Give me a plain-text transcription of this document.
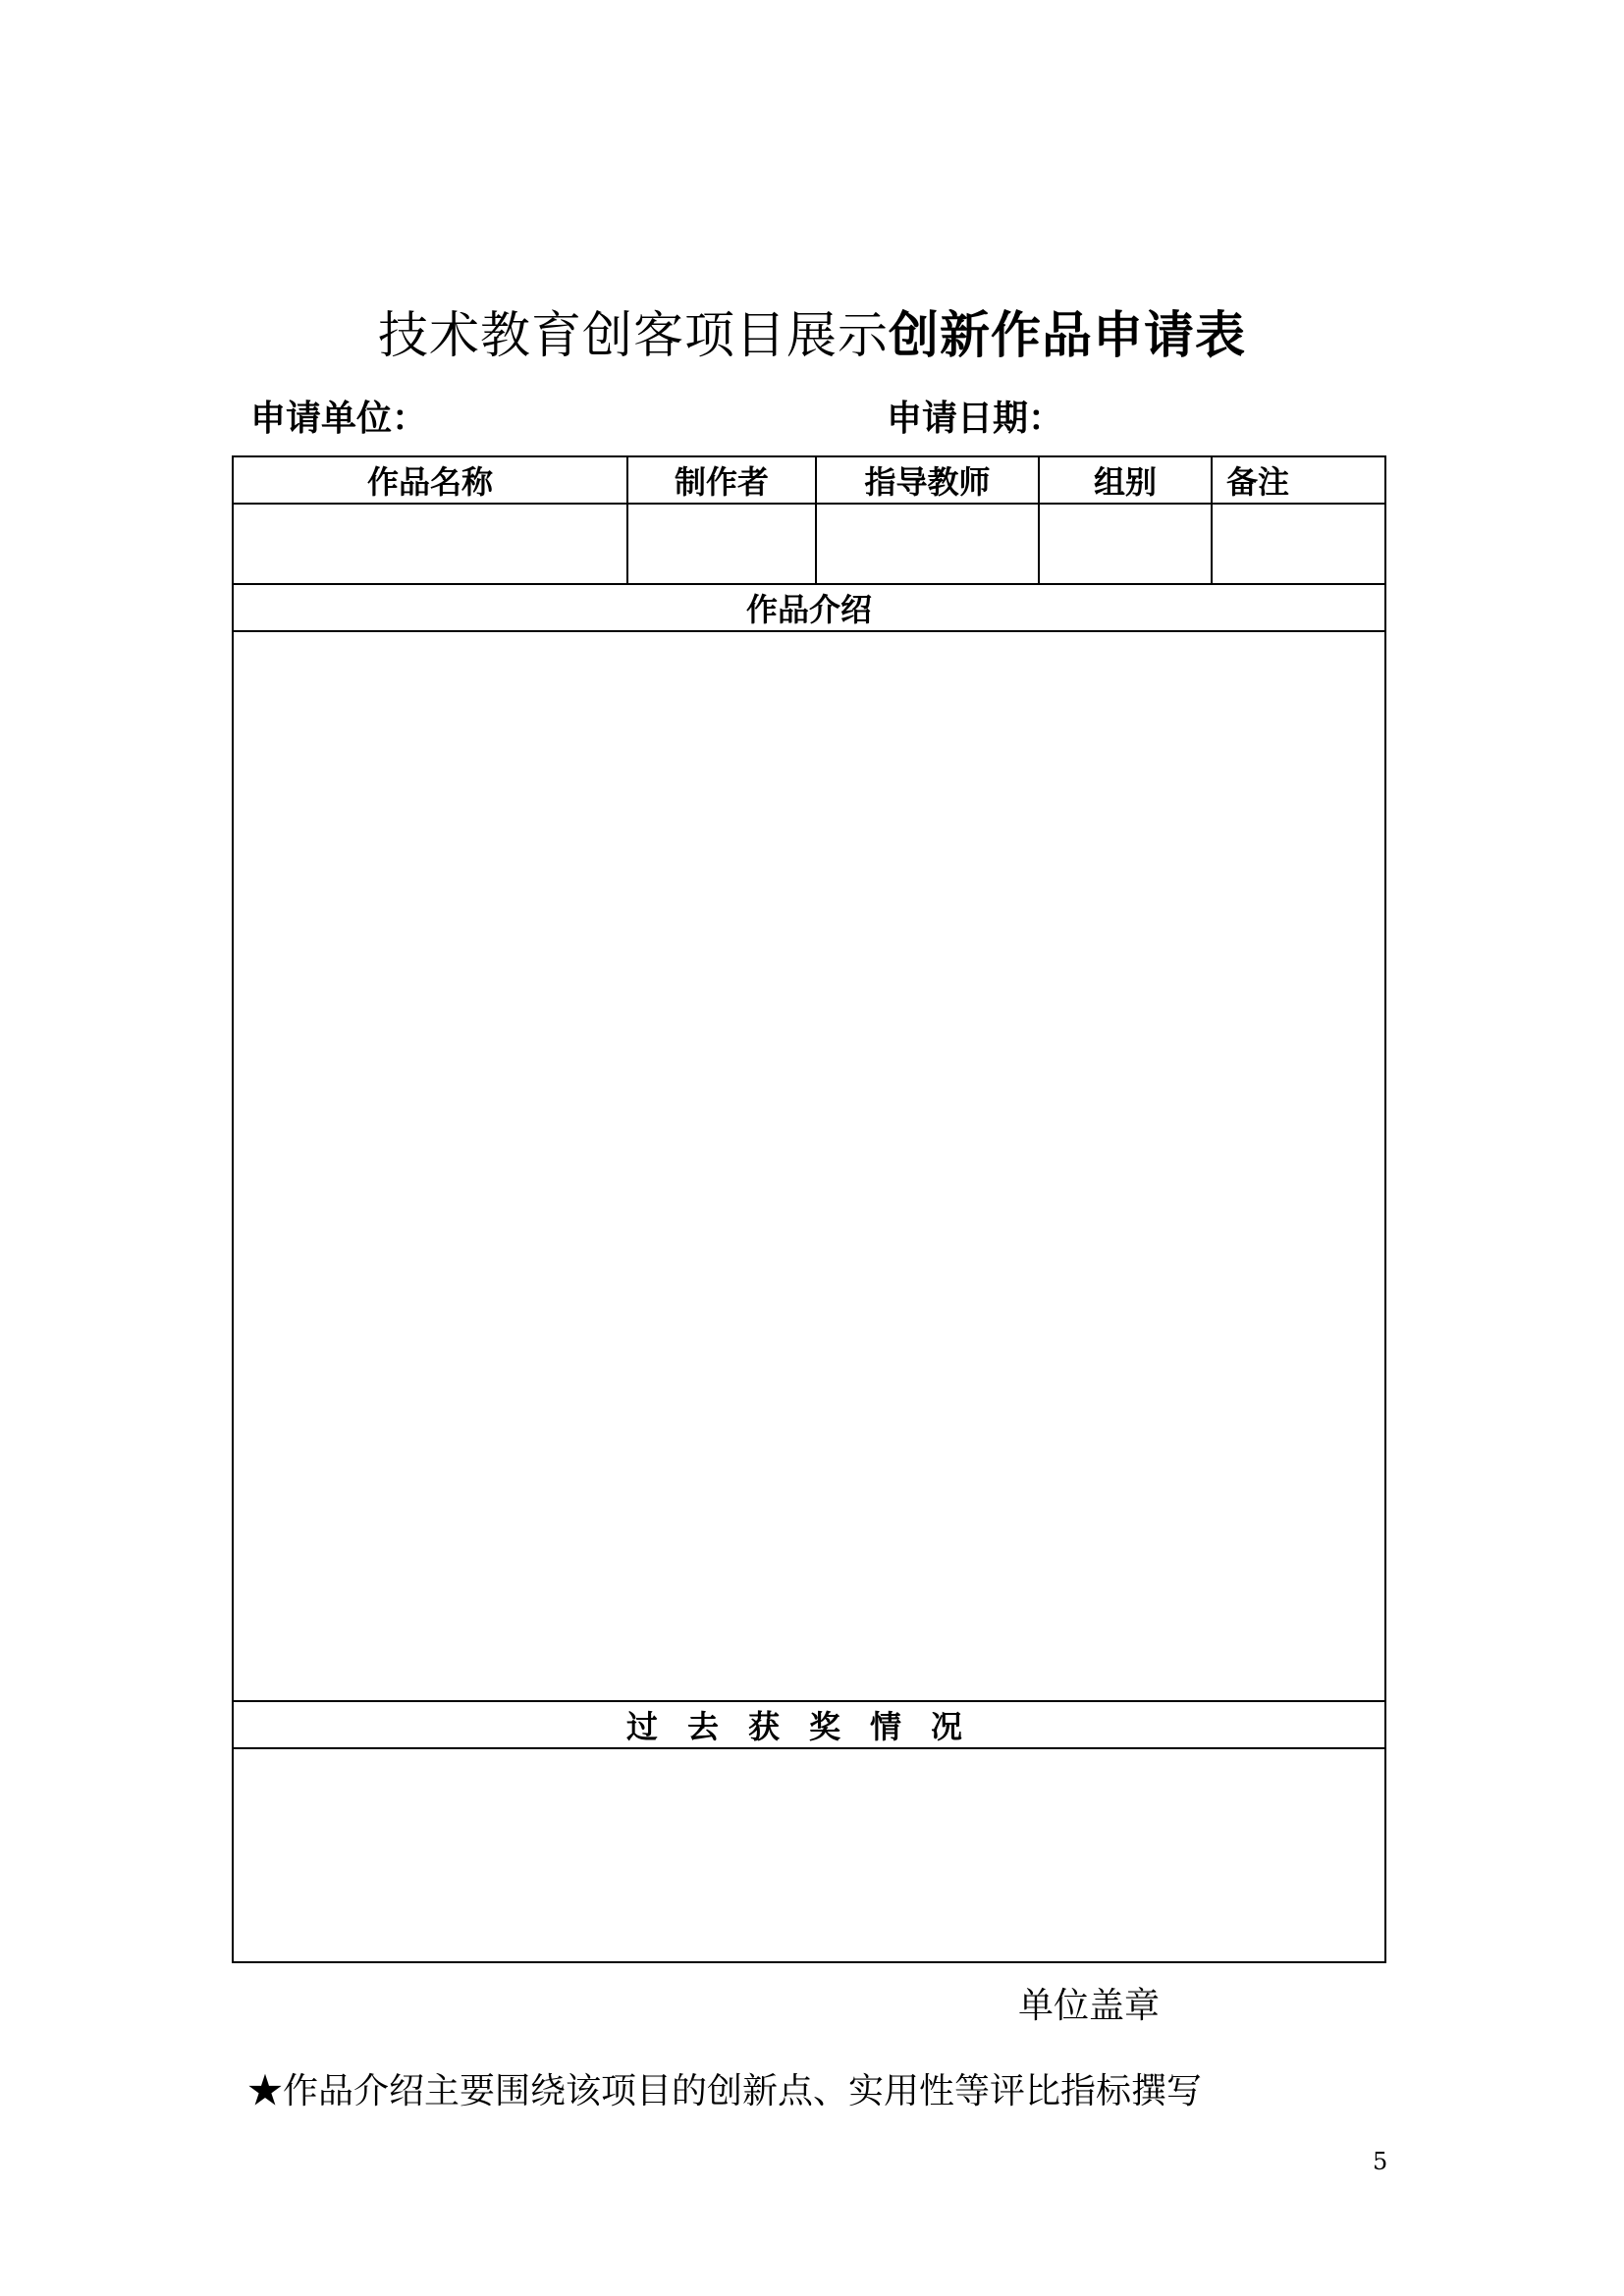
技术教育创客项目展示创新作品申请表
申请单位：	申请日期：
作品名称	制作者	指导教师	组别	备注

作品介绍				

过去获奖情况				

单位盖章
★作品介绍主要围绕该项目的创新点、实用性等评比指标撰写
5
